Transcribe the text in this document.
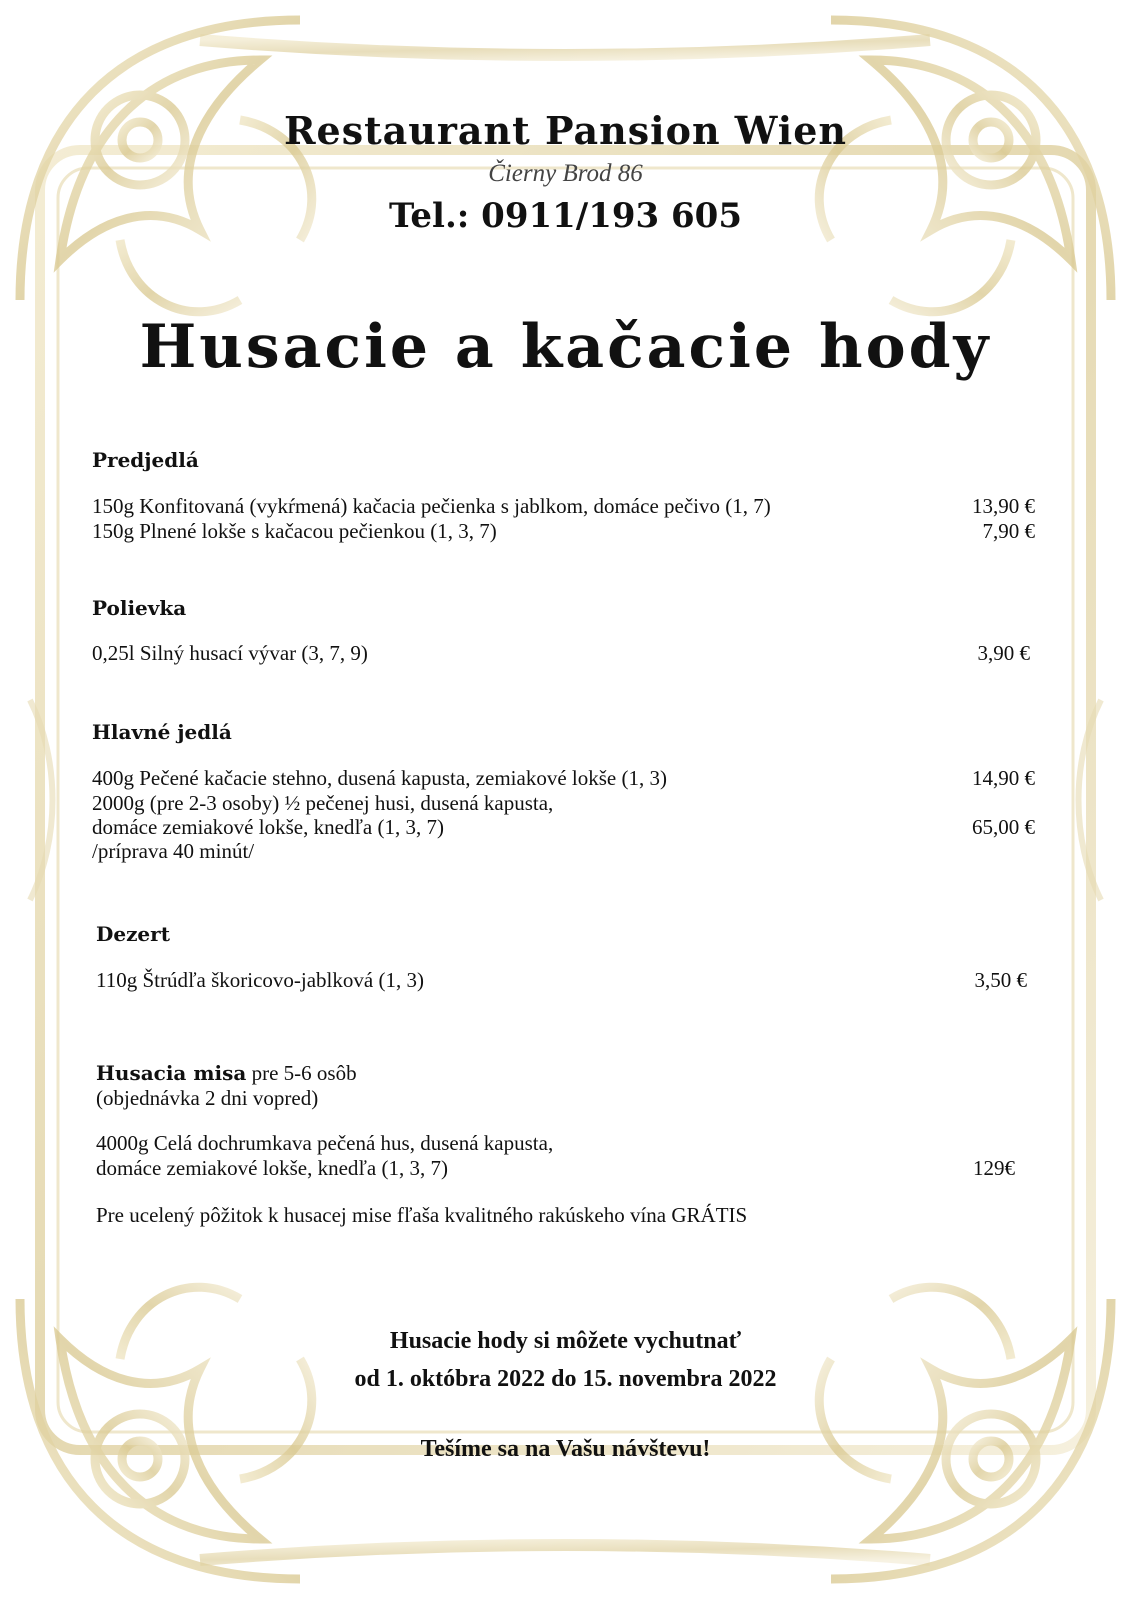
Restaurant Pansion Wien
Čierny Brod 86
Tel.: 0911/193 605
Husacie a kačacie hody
Predjedlá
150g Konfitovaná (vykŕmená) kačacia pečienka s jablkom, domáce pečivo (1, 7)	13,90 €
150g Plnené lokše s kačacou pečienkou (1, 3, 7)	7,90 €
Polievka
0,25l Silný husací vývar (3, 7, 9)	3,90 €
Hlavné jedlá
400g Pečené kačacie stehno, dusená kapusta, zemiakové lokše (1, 3)	14,90 €
2000g (pre 2-3 osoby) ½ pečenej husi, dusená kapusta,
domáce zemiakové lokše, knedľa (1, 3, 7)	65,00 €
/príprava 40 minút/
Dezert
110g Štrúdľa škoricovo-jablková (1, 3)	3,50 €
Husacia misa pre 5-6 osôb
(objednávka 2 dni vopred)
4000g Celá dochrumkava pečená hus, dusená kapusta,
domáce zemiakové lokše, knedľa (1, 3, 7)	129€
Pre ucelený pôžitok k husacej mise fľaša kvalitného rakúskeho vína GRÁTIS
Husacie hody si môžete vychutnať
od 1. októbra 2022 do 15. novembra 2022
Tešíme sa na Vašu návštevu!
